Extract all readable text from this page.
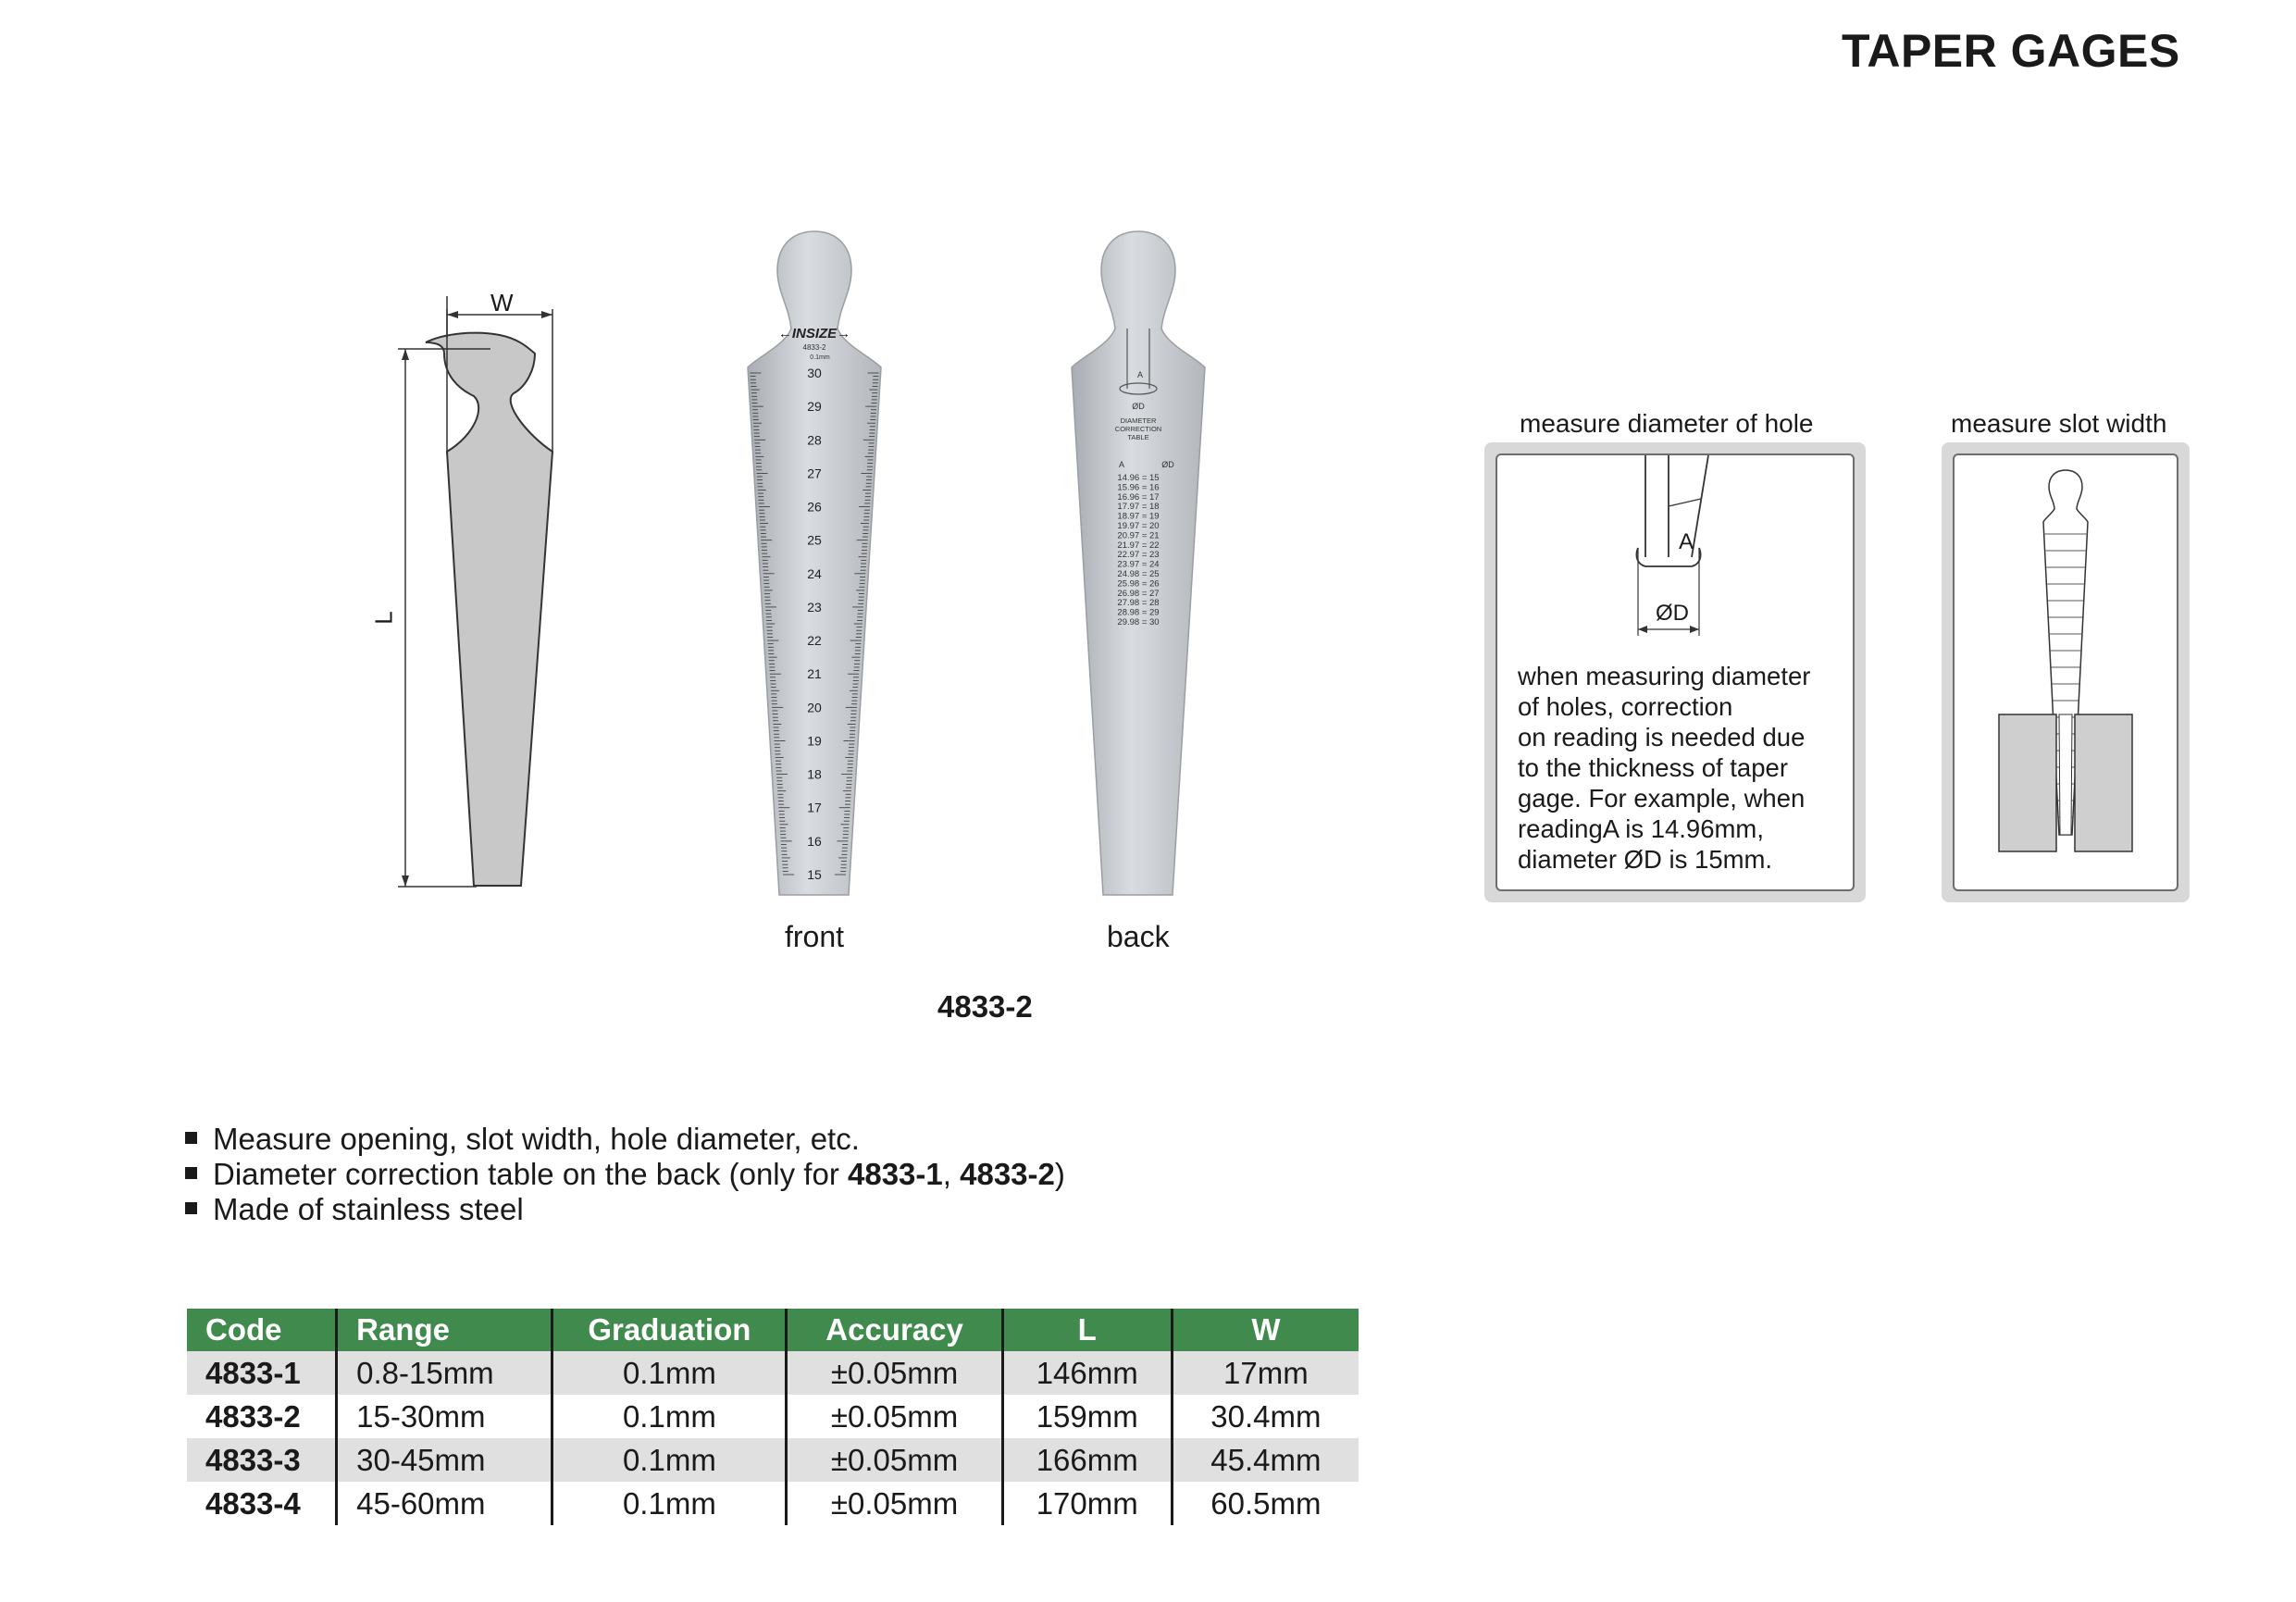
TAPER GAGES
W
L
←INSIZE→
4833-2
0.1mm
30
29
28
27
26
25
24
23
22
21
20
19
18
17
16
15
front
A
ØD
DIAMETER
CORRECTION
TABLE
A	ØD
14.96 = 15
15.96 = 16
16.96 = 17
17.97 = 18
18.97 = 19
19.97 = 20
20.97 = 21
21.97 = 22
22.97 = 23
23.97 = 24
24.98 = 25
25.98 = 26
26.98 = 27
27.98 = 28
28.98 = 29
29.98 = 30
back
4833-2
measure diameter of hole
A
ØD
when measuring diameter
of holes, correction
on reading is needed due
to the thickness of taper
gage. For example, when
readingA is 14.96mm,
diameter ØD is 15mm.
measure slot width
Measure opening, slot width, hole diameter, etc.
Diameter correction table on the back (only for 4833-1, 4833-2)
Made of stainless steel
Code	Range	Graduation	Accuracy	L	W
4833-1	0.8-15mm	0.1mm	±0.05mm	146mm	17mm
4833-2	15-30mm	0.1mm	±0.05mm	159mm	30.4mm
4833-3	30-45mm	0.1mm	±0.05mm	166mm	45.4mm
4833-4	45-60mm	0.1mm	±0.05mm	170mm	60.5mm
